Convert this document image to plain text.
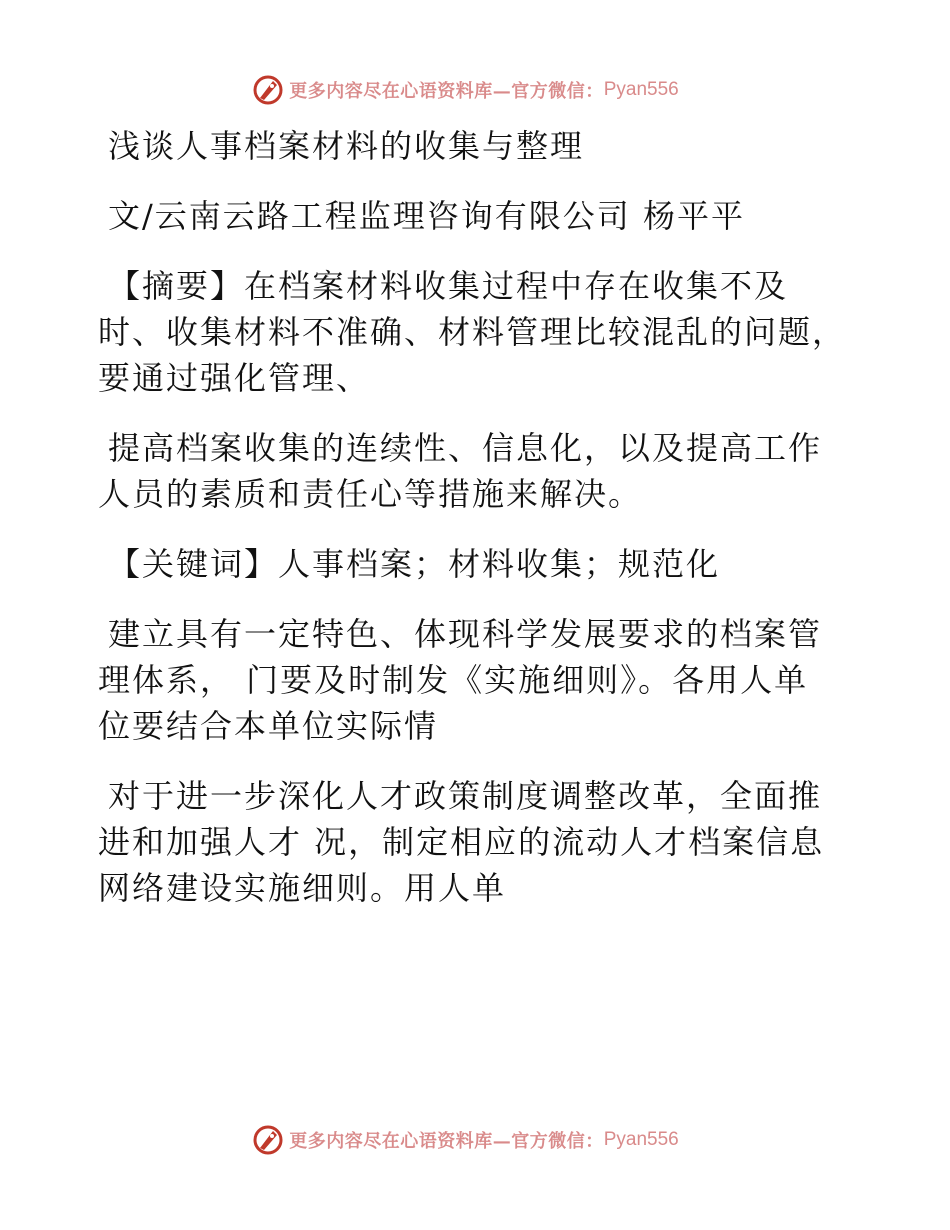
更多内容尽在心语资料库—官方微信： Pyan556
浅谈人事档案材料的收集与整理
文/云南云路工程监理咨询有限公司 杨平平
【摘要】在档案材料收集过程中存在收集不及
时、收集材料不准确、材料管理比较混乱的问题，
要通过强化管理、
提高档案收集的连续性、信息化，以及提高工作
人员的素质和责任心等措施来解决。
【关键词】人事档案；材料收集；规范化
建立具有一定特色、体现科学发展要求的档案管
理体系， 门要及时制发《实施细则》。各用人单
位要结合本单位实际情
对于进一步深化人才政策制度调整改革，全面推
进和加强人才 况，制定相应的流动人才档案信息
网络建设实施细则。用人单
更多内容尽在心语资料库—官方微信： Pyan556
